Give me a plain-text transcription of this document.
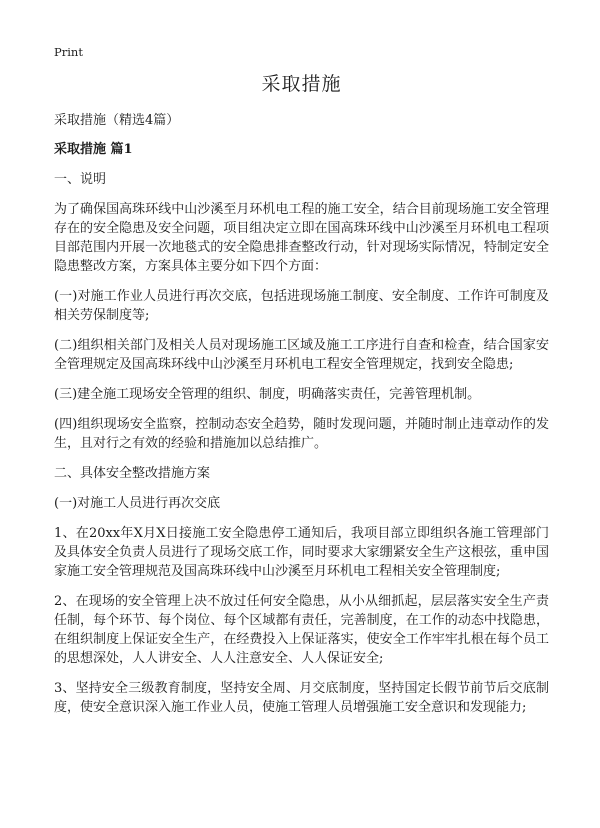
Print
采取措施
采取措施（精选4篇）
采取措施 篇1

一、说明

为了确保国高珠环线中山沙溪至月环机电工程的施工安全，结合目前现场施工安全管理存在的安全隐患及安全问题，项目组决定立即在国高珠环线中山沙溪至月环机电工程项目部范围内开展一次地毯式的安全隐患排查整改行动，针对现场实际情况，特制定安全隐患整改方案，方案具体主要分如下四个方面：

(一)对施工作业人员进行再次交底，包括进现场施工制度、安全制度、工作许可制度及相关劳保制度等;

(二)组织相关部门及相关人员对现场施工区域及施工工序进行自查和检查，结合国家安全管理规定及国高珠环线中山沙溪至月环机电工程安全管理规定，找到安全隐患;

(三)建全施工现场安全管理的组织、制度，明确落实责任，完善管理机制。

(四)组织现场安全监察，控制动态安全趋势，随时发现问题，并随时制止违章动作的发生，且对行之有效的经验和措施加以总结推广。

二、具体安全整改措施方案

(一)对施工人员进行再次交底

1、在20xx年X月X日接施工安全隐患停工通知后，我项目部立即组织各施工管理部门及具体安全负责人员进行了现场交底工作，同时要求大家绷紧安全生产这根弦，重申国家施工安全管理规范及国高珠环线中山沙溪至月环机电工程相关安全管理制度;

2、在现场的安全管理上决不放过任何安全隐患，从小从细抓起，层层落实安全生产责任制，每个环节、每个岗位、每个区域都有责任，完善制度，在工作的动态中找隐患，在组织制度上保证安全生产，在经费投入上保证落实，使安全工作牢牢扎根在每个员工的思想深处，人人讲安全、人人注意安全、人人保证安全;

3、坚持安全三级教育制度，坚持安全周、月交底制度，坚持国定长假节前节后交底制度，使安全意识深入施工作业人员，使施工管理人员增强施工安全意识和发现能力;
